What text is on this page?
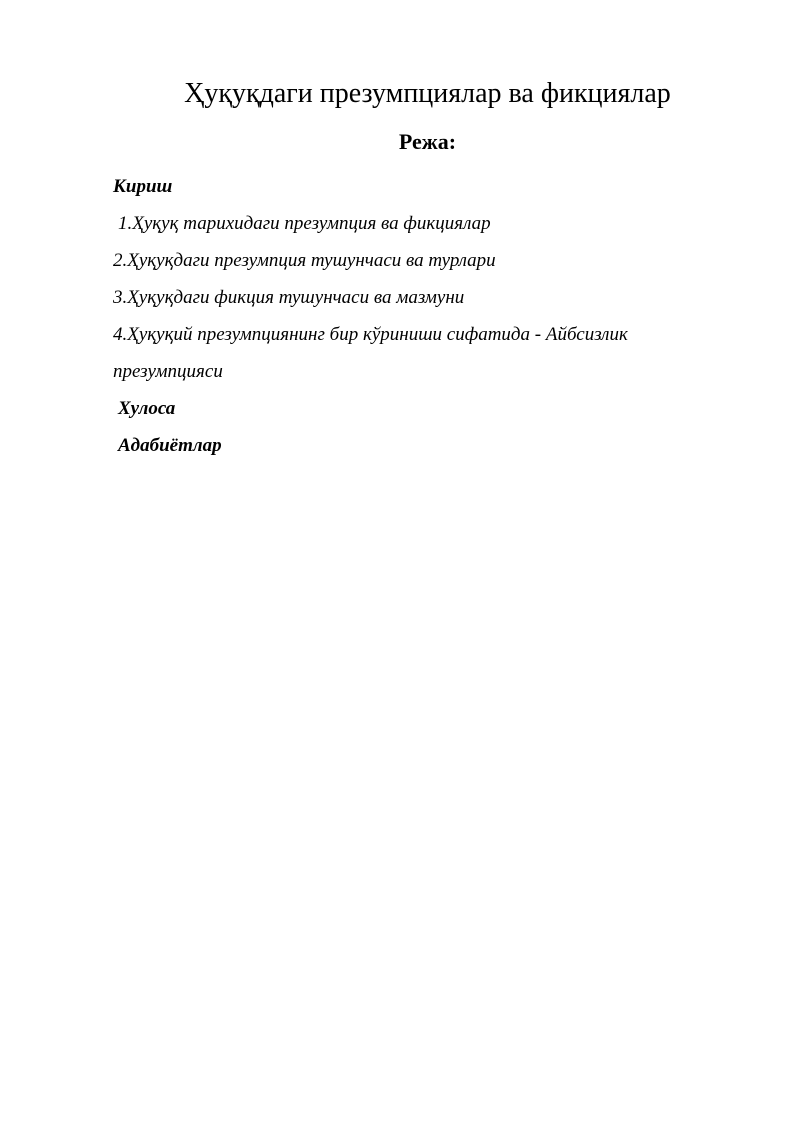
Ҳуқуқдаги презумпциялар ва фикциялар
Режа:
Кириш
1.Ҳуқуқ тарихидаги презумпция ва фикциялар
2.Ҳуқуқдаги презумпция тушунчаси ва турлари
3.Ҳуқуқдаги фикция тушунчаси ва мазмуни
4.Ҳуқуқий презумпциянинг бир кўриниши сифатида - Айбсизлик презумпцияси
Хулоса
Адабиётлар
